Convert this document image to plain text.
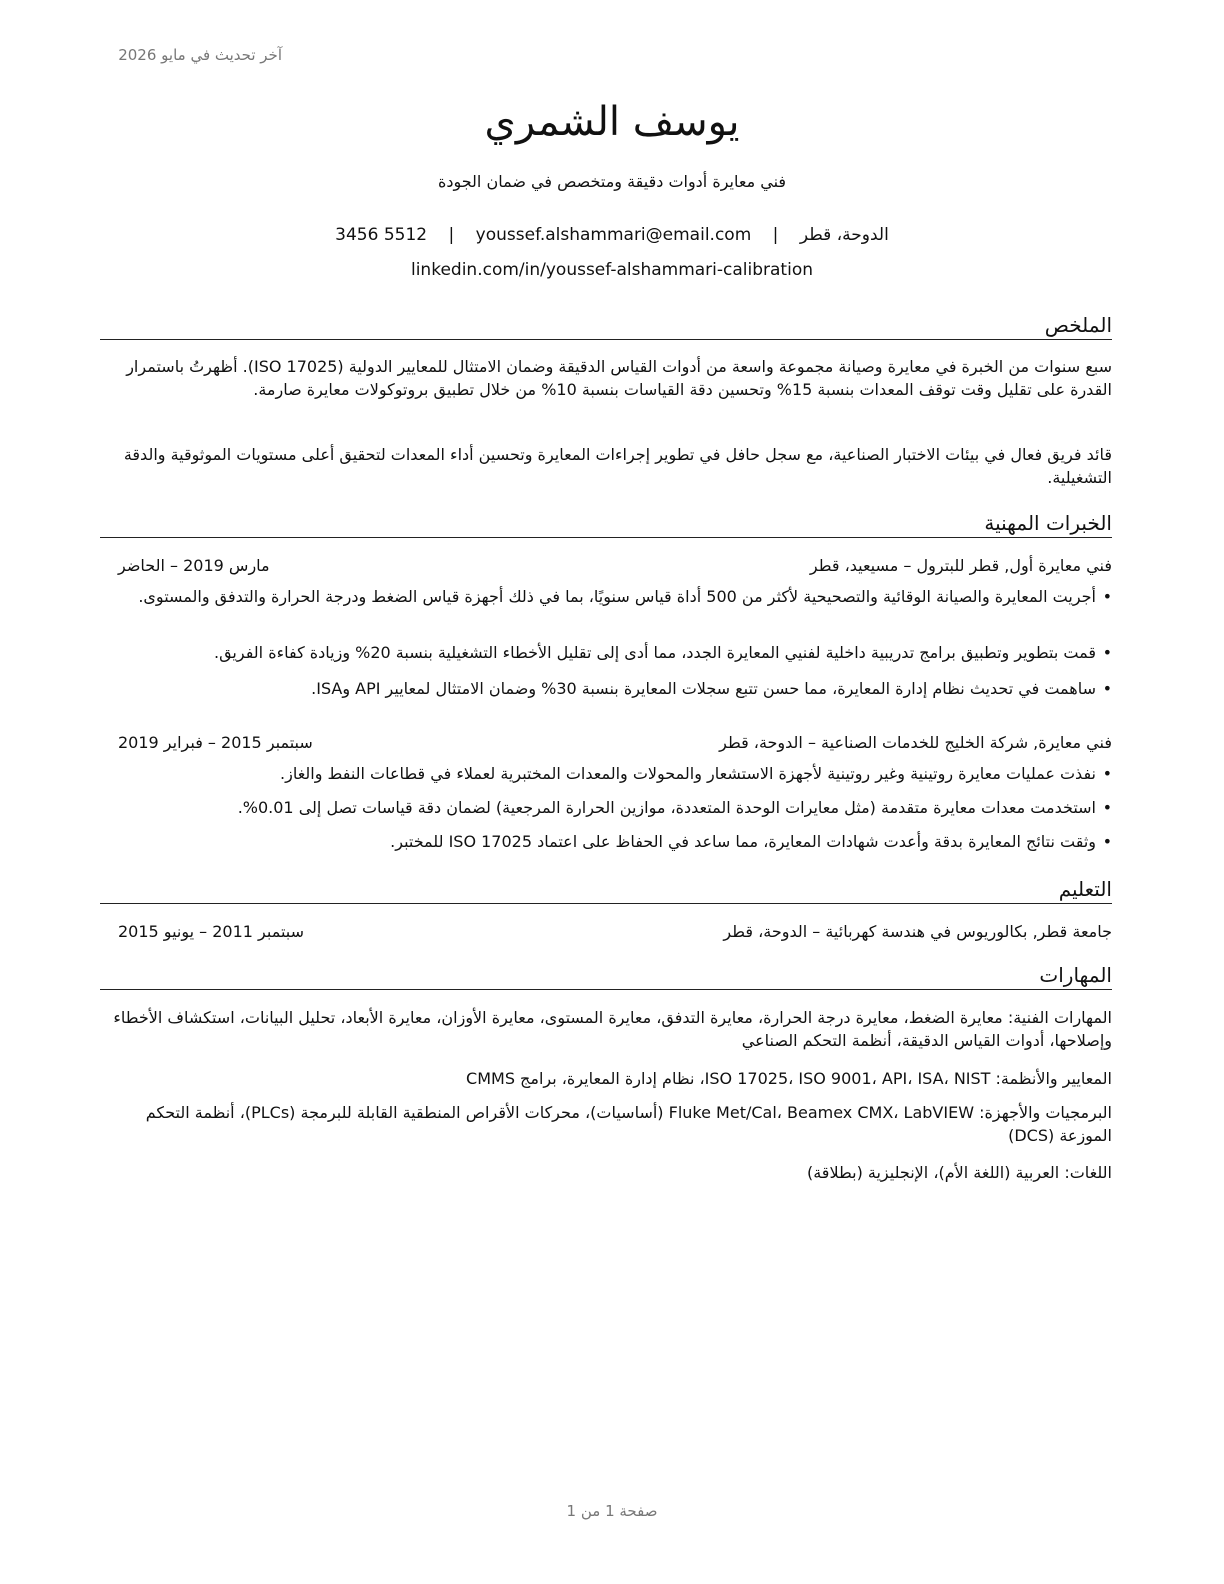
آخر تحديث في مايو 2026
يوسف الشمري
فني معايرة أدوات دقيقة ومتخصص في ضمان الجودة
الدوحة، قطر | youssef.alshammari@email.com | 3456 5512
linkedin.com/in/youssef-alshammari-calibration
الملخص
سبع سنوات من الخبرة في معايرة وصيانة مجموعة واسعة من أدوات القياس الدقيقة وضمان الامتثال للمعايير الدولية (ISO 17025). أظهرتُ باستمرار القدرة على تقليل وقت توقف المعدات بنسبة 15% وتحسين دقة القياسات بنسبة 10% من خلال تطبيق بروتوكولات معايرة صارمة.
قائد فريق فعال في بيئات الاختبار الصناعية، مع سجل حافل في تطوير إجراءات المعايرة وتحسين أداء المعدات لتحقيق أعلى مستويات الموثوقية والدقة التشغيلية.
الخبرات المهنية
فني معايرة أول, قطر للبترول – مسيعيد، قطر
مارس 2019 – الحاضر
•أجريت المعايرة والصيانة الوقائية والتصحيحية لأكثر من 500 أداة قياس سنويًا، بما في ذلك أجهزة قياس الضغط ودرجة الحرارة والتدفق والمستوى.
•قمت بتطوير وتطبيق برامج تدريبية داخلية لفنيي المعايرة الجدد، مما أدى إلى تقليل الأخطاء التشغيلية بنسبة 20% وزيادة كفاءة الفريق.
•ساهمت في تحديث نظام إدارة المعايرة، مما حسن تتبع سجلات المعايرة بنسبة 30% وضمان الامتثال لمعايير API وISA.
فني معايرة, شركة الخليج للخدمات الصناعية – الدوحة، قطر
سبتمبر 2015 – فبراير 2019
•نفذت عمليات معايرة روتينية وغير روتينية لأجهزة الاستشعار والمحولات والمعدات المختبرية لعملاء في قطاعات النفط والغاز.
•استخدمت معدات معايرة متقدمة (مثل معايرات الوحدة المتعددة، موازين الحرارة المرجعية) لضمان دقة قياسات تصل إلى 0.01%.
•وثقت نتائج المعايرة بدقة وأعدت شهادات المعايرة، مما ساعد في الحفاظ على اعتماد ISO 17025 للمختبر.
التعليم
جامعة قطر, بكالوريوس في هندسة كهربائية – الدوحة، قطر
سبتمبر 2011 – يونيو 2015
المهارات
المهارات الفنية: معايرة الضغط، معايرة درجة الحرارة، معايرة التدفق، معايرة المستوى، معايرة الأوزان، معايرة الأبعاد، تحليل البيانات، استكشاف الأخطاء وإصلاحها، أدوات القياس الدقيقة، أنظمة التحكم الصناعي
المعايير والأنظمة: ISO 17025، ISO 9001، API، ISA، NIST، نظام إدارة المعايرة، برامج CMMS
البرمجيات والأجهزة: Fluke Met/Cal، Beamex CMX، LabVIEW (أساسيات)، محركات الأقراص المنطقية القابلة للبرمجة (PLCs)، أنظمة التحكم الموزعة (DCS)
اللغات: العربية (اللغة الأم)، الإنجليزية (بطلاقة)
صفحة 1 من 1
